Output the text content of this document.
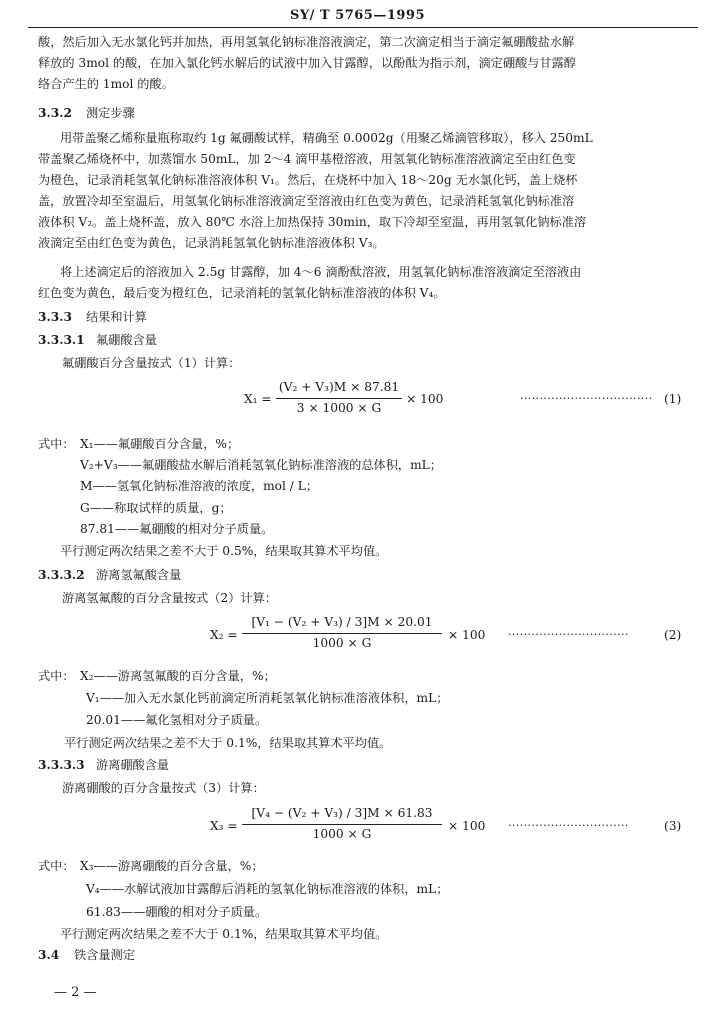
SY/ T 5765—1995
酸，然后加入无水氯化钙并加热，再用氢氧化钠标准溶液滴定，第二次滴定相当于滴定氟硼酸盐水解
释放的 3mol 的酸，在加入氯化钙水解后的试液中加入甘露醇，以酚酞为指示剂，滴定硼酸与甘露醇
络合产生的 1mol 的酸。
3.3.2 测定步骤
用带盖聚乙烯称量瓶称取约 1g 氟硼酸试样，精确至 0.0002g（用聚乙烯滴管移取），移入 250mL
带盖聚乙烯烧杯中，加蒸馏水 50mL，加 2～4 滴甲基橙溶液，用氢氧化钠标准溶液滴定至由红色变
为橙色，记录消耗氢氧化钠标准溶液体积 V₁。然后，在烧杯中加入 18～20g 无水氯化钙，盖上烧杯
盖，放置冷却至室温后，用氢氧化钠标准溶液滴定至溶液由红色变为黄色，记录消耗氢氧化钠标准溶
液体积 V₂。盖上烧杯盖，放入 80℃ 水浴上加热保持 30min，取下冷却至室温，再用氢氧化钠标准溶
液滴定至由红色变为黄色，记录消耗氢氧化钠标准溶液体积 V₃。
将上述滴定后的溶液加入 2.5g 甘露醇，加 4～6 滴酚酞溶液，用氢氧化钠标准溶液滴定至溶液由
红色变为黄色，最后变为橙红色，记录消耗的氢氧化钠标准溶液的体积 V₄。
3.3.3 结果和计算
3.3.3.1 氟硼酸含量
氟硼酸百分含量按式（1）计算：
X₁ =
(V₂ + V₃)M × 87.81
3 × 1000 × G
× 100	·································· (1)
式中： X₁——氟硼酸百分含量，%；
V₂+V₃——氟硼酸盐水解后消耗氢氧化钠标准溶液的总体积，mL；
M——氢氧化钠标准溶液的浓度，mol / L；
G——称取试样的质量，g；
87.81——氟硼酸的相对分子质量。
平行测定两次结果之差不大于 0.5%，结果取其算术平均值。
3.3.3.2 游离氢氟酸含量
游离氢氟酸的百分含量按式（2）计算：
X₂ =
[V₁ − (V₂ + V₃) / 3]M × 20.01
1000 × G
× 100 ·······························	(2)
式中： X₂——游离氢氟酸的百分含量，%；
V₁——加入无水氯化钙前滴定所消耗氢氧化钠标准溶液体积，mL；
20.01——氟化氢相对分子质量。
平行测定两次结果之差不大于 0.1%，结果取其算术平均值。
3.3.3.3 游离硼酸含量
游离硼酸的百分含量按式（3）计算：
X₃ =
[V₄ − (V₂ + V₃) / 3]M × 61.83
1000 × G
× 100 ·······························	(3)
式中： X₃——游离硼酸的百分含量，%；
V₄——水解试液加甘露醇后消耗的氢氧化钠标准溶液的体积，mL；
61.83——硼酸的相对分子质量。
平行测定两次结果之差不大于 0.1%，结果取其算术平均值。
3.4 铁含量测定
— 2 —
